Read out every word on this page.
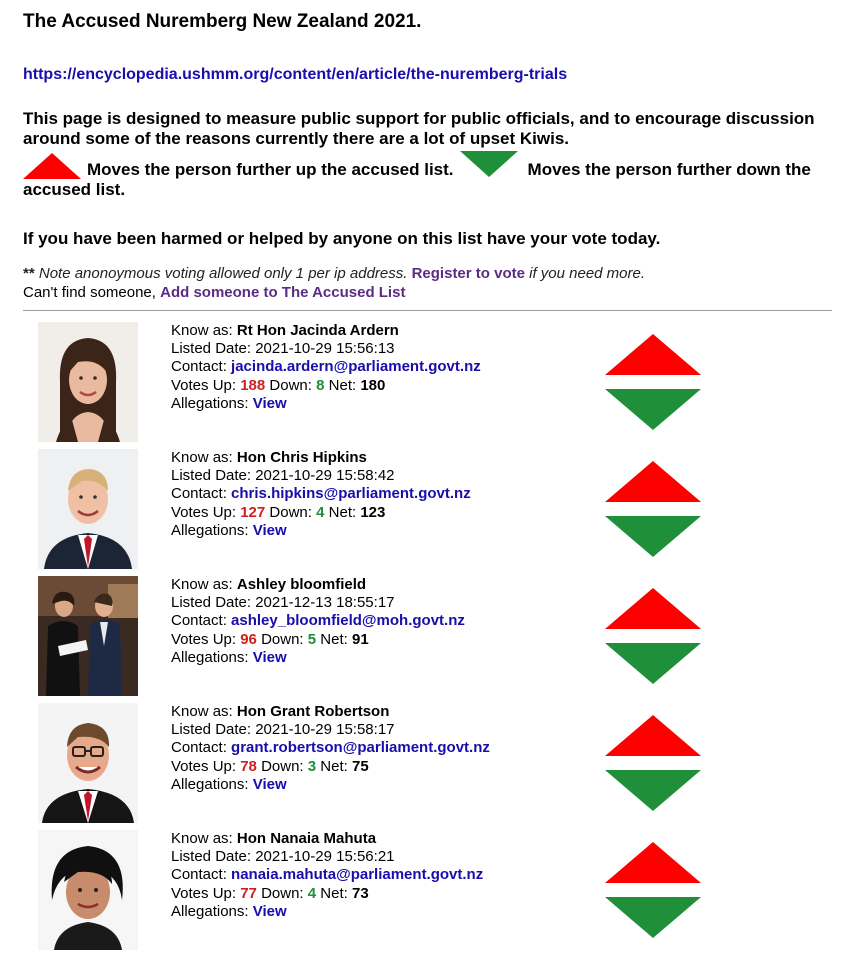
The Accused Nuremberg New Zealand 2021.
https://encyclopedia.ushmm.org/content/en/article/the-nuremberg-trials
This page is designed to measure public support for public officials, and to encourage discussion around some of the reasons currently there are a lot of upset Kiwis.
Moves the person further up the accused list.	Moves the person further down the accused list.
If you have been harmed or helped by anyone on this list have your vote today.
** Note anonoymous voting allowed only 1 per ip address. Register to vote if you need more.
Can't find someone, Add someone to The Accused List
Know as: Rt Hon Jacinda Ardern
Listed Date: 2021-10-29 15:56:13
Contact: jacinda.ardern@parliament.govt.nz
Votes Up: 188 Down: 8 Net: 180
Allegations: View
Know as: Hon Chris Hipkins
Listed Date: 2021-10-29 15:58:42
Contact: chris.hipkins@parliament.govt.nz
Votes Up: 127 Down: 4 Net: 123
Allegations: View
Know as: Ashley bloomfield
Listed Date: 2021-12-13 18:55:17
Contact: ashley_bloomfield@moh.govt.nz
Votes Up: 96 Down: 5 Net: 91
Allegations: View
Know as: Hon Grant Robertson
Listed Date: 2021-10-29 15:58:17
Contact: grant.robertson@parliament.govt.nz
Votes Up: 78 Down: 3 Net: 75
Allegations: View
Know as: Hon Nanaia Mahuta
Listed Date: 2021-10-29 15:56:21
Contact: nanaia.mahuta@parliament.govt.nz
Votes Up: 77 Down: 4 Net: 73
Allegations: View
